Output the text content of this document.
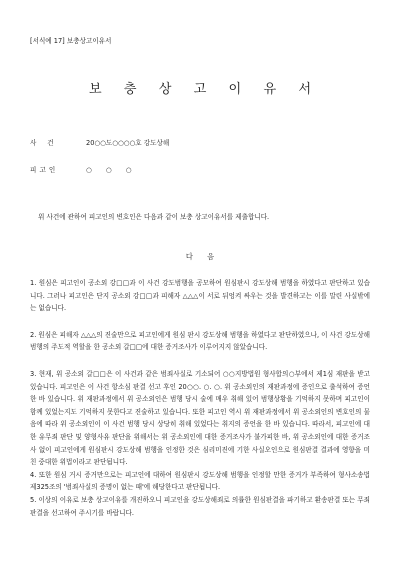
[서식예 17] 보충상고이유서
보 충 상 고 이 유 서
사    건	20○○도○○○○호 강도상해
피 고 인	○ ○ ○
위 사건에 관하여 피고인의 변호인은 다음과 같이 보충 상고이유서를 제출합니다.
다 음

1. 원심은 피고인이 공소외 강□□과 이 사건 강도범행을 공모하여 원심판시 강도상해 범행을 하였다고 판단하고 있습니다. 그러나 피고인은 단지 공소외 강□□과 피해자 △△△이 서로 뒤엉켜 싸우는 것을 발견하고는 이를 말린 사실밖에는 없습니다.

2. 원심은 피해자 △△△의 진술만으로 피고인에게 원심 판시 강도상해 범행을 하였다고 판단하였으나, 이 사건 강도상해 범행의 주도적 역할을 한 공소외 갈□□에 대한 증거조사가 이루어지지 않았습니다.

3. 현재, 위 공소외 갈□□은 이 사건과 같은 범죄사실로 기소되어 ○○지방법원 형사합의○부에서 제1심 재판을 받고 있습니다. 피고인은 이 사건 항소심 판결 선고 후인 20○○. ○. ○. 위 공소외인의 재판과정에 증인으로 출석하여 증언한 바 있습니다. 위 재판과정에서 위 공소외인은 범행 당시 술에 매우 취해 있어 범행상황을 기억하지 못하며 피고인이 함께 있었는지도 기억하지 못한다고 진술하고 있습니다. 또한 피고인 역시 위 재판과정에서 위 공소외인의 변호인의 물음에 따라 위 공소외인이 이 사건 범행 당시 상당히 취해 있었다는 취지의 증언을 한 바 있습니다. 따라서, 피고인에 대한 유무죄 판단 및 양형사유 판단을 위해서는 위 공소외인에 대한 증거조사가 불가피한 바, 위 공소외인에 대한 증거조사 없이 피고인에게 원심판시 강도상해 범행을 인정한 것은 심리미진에 기한 사실오인으로 원심판결 결과에 영향을 미친 중대한 위법이라고 판단됩니다.

4. 또한 원심 거시 증거만으로는 피고인에 대하여 원심판시 강도상해 범행을 인정할 만한 증거가 부족하여 형사소송법 제325조의 '범죄사실의 증명이 없는 때'에 해당한다고 판단됩니다.

5. 이상의 이유로 보충 상고이유를 개진하오니 피고인을 강도상해죄로 의률한 원심판결을 파기하고 환송판결 또는 무죄판결을 선고하여 주시기를 바랍니다.
